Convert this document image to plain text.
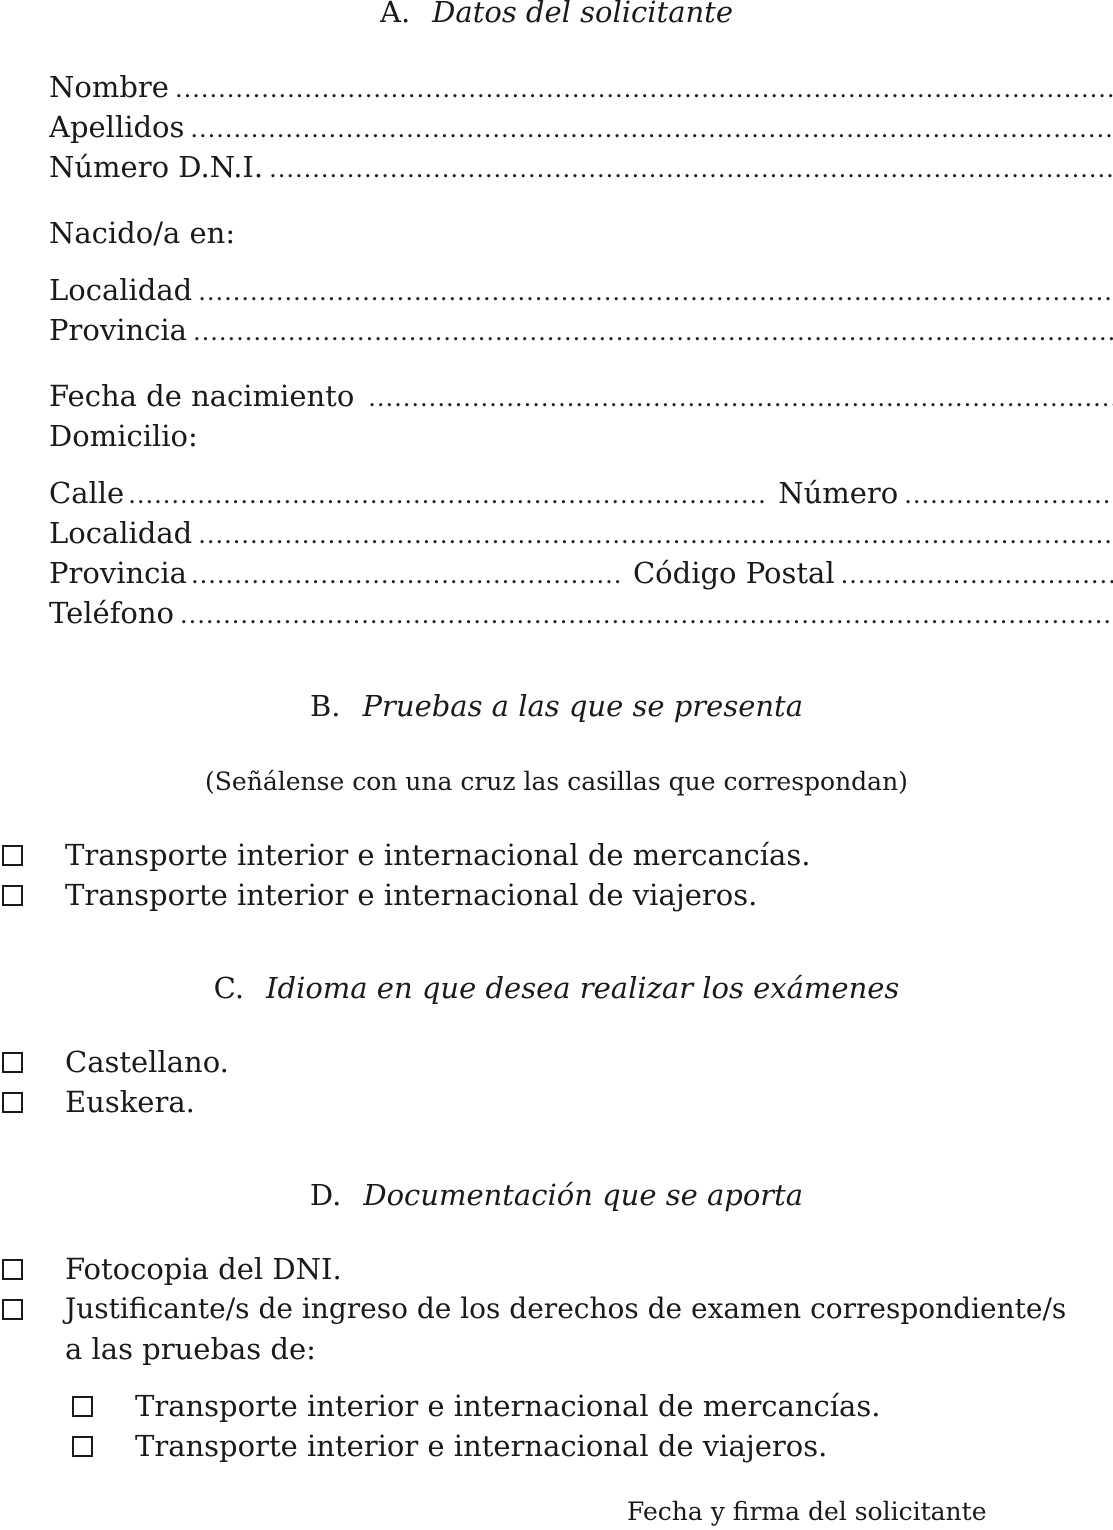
A. Datos del solicitante
Nombre
.....
Apellidos
.....
Número D.N.I.
.....
Nacido/a en:
Localidad
.....
Provincia
.....
Fecha de nacimiento
.....
Domicilio:
Calle .....	Número
.....
Localidad
.....
Provincia .....	Código Postal
.....
Teléfono
.....
B. Pruebas a las que se presenta
(Señálense con una cruz las casillas que correspondan)
Transporte interior e internacional de mercancías.
Transporte interior e internacional de viajeros.
C. Idioma en que desea realizar los exámenes
Castellano.
Euskera.
D. Documentación que se aporta
Fotocopia del DNI.
Justificante/s de ingreso de los derechos de examen correspondiente/s
a las pruebas de:
Transporte interior e internacional de mercancías.
Transporte interior e internacional de viajeros.
Fecha y firma del solicitante
